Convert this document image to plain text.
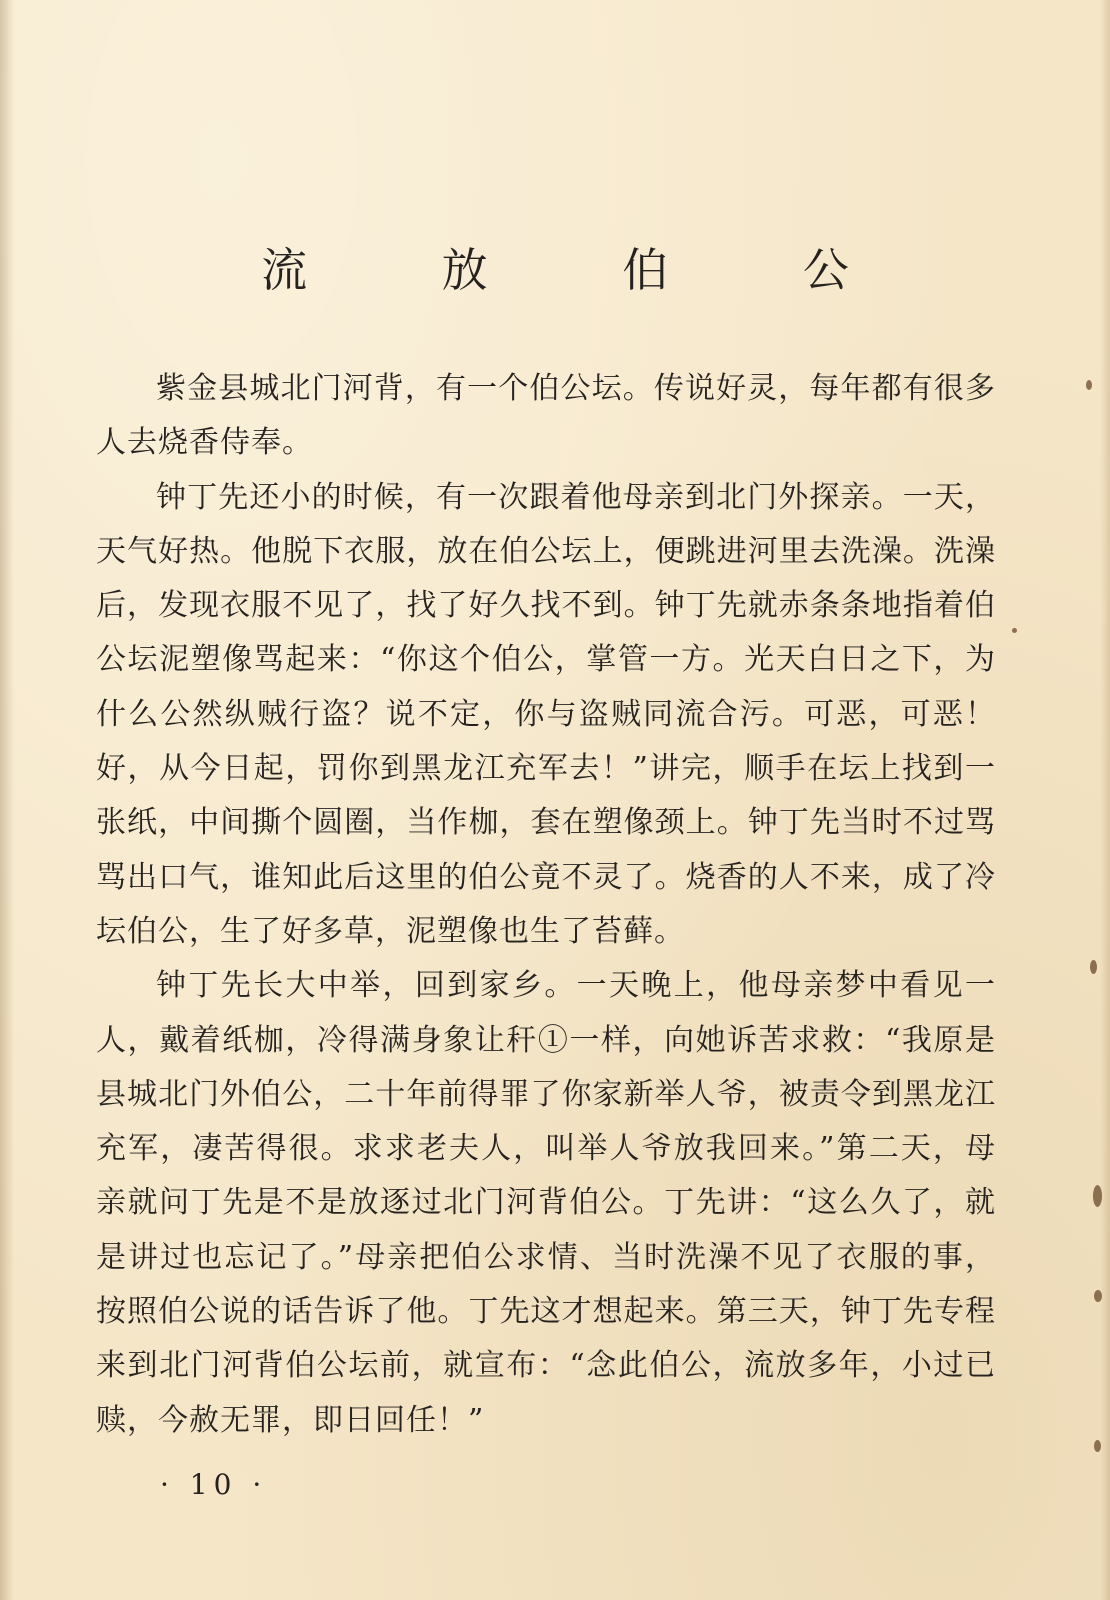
流 放 伯 公

紫金县城北门河背，有一个伯公坛。传说好灵，每年都有很多人去烧香侍奉。

钟丁先还小的时候，有一次跟着他母亲到北门外探亲。一天，天气好热。他脱下衣服，放在伯公坛上，便跳进河里去洗澡。洗澡后，发现衣服不见了，找了好久找不到。钟丁先就赤条条地指着伯公坛泥塑像骂起来：“你这个伯公，掌管一方。光天白日之下，为什么公然纵贼行盗？说不定，你与盗贼同流合污。可恶，可恶！好，从今日起，罚你到黑龙江充军去！”讲完，顺手在坛上找到一张纸，中间撕个圆圈，当作枷，套在塑像颈上。钟丁先当时不过骂骂出口气，谁知此后这里的伯公竟不灵了。烧香的人不来，成了冷坛伯公，生了好多草，泥塑像也生了苔藓。

钟丁先长大中举，回到家乡。一天晚上，他母亲梦中看见一人，戴着纸枷，冷得满身象让秆①一样，向她诉苦求救：“我原是县城北门外伯公，二十年前得罪了你家新举人爷，被责令到黑龙江充军，凄苦得很。求求老夫人，叫举人爷放我回来。”第二天，母亲就问丁先是不是放逐过北门河背伯公。丁先讲：“这么久了，就是讲过也忘记了。”母亲把伯公求情、当时洗澡不见了衣服的事，按照伯公说的话告诉了他。丁先这才想起来。第三天，钟丁先专程来到北门河背伯公坛前，就宣布：“念此伯公，流放多年，小过已赎，今赦无罪，即日回任！”

· 10 ·
